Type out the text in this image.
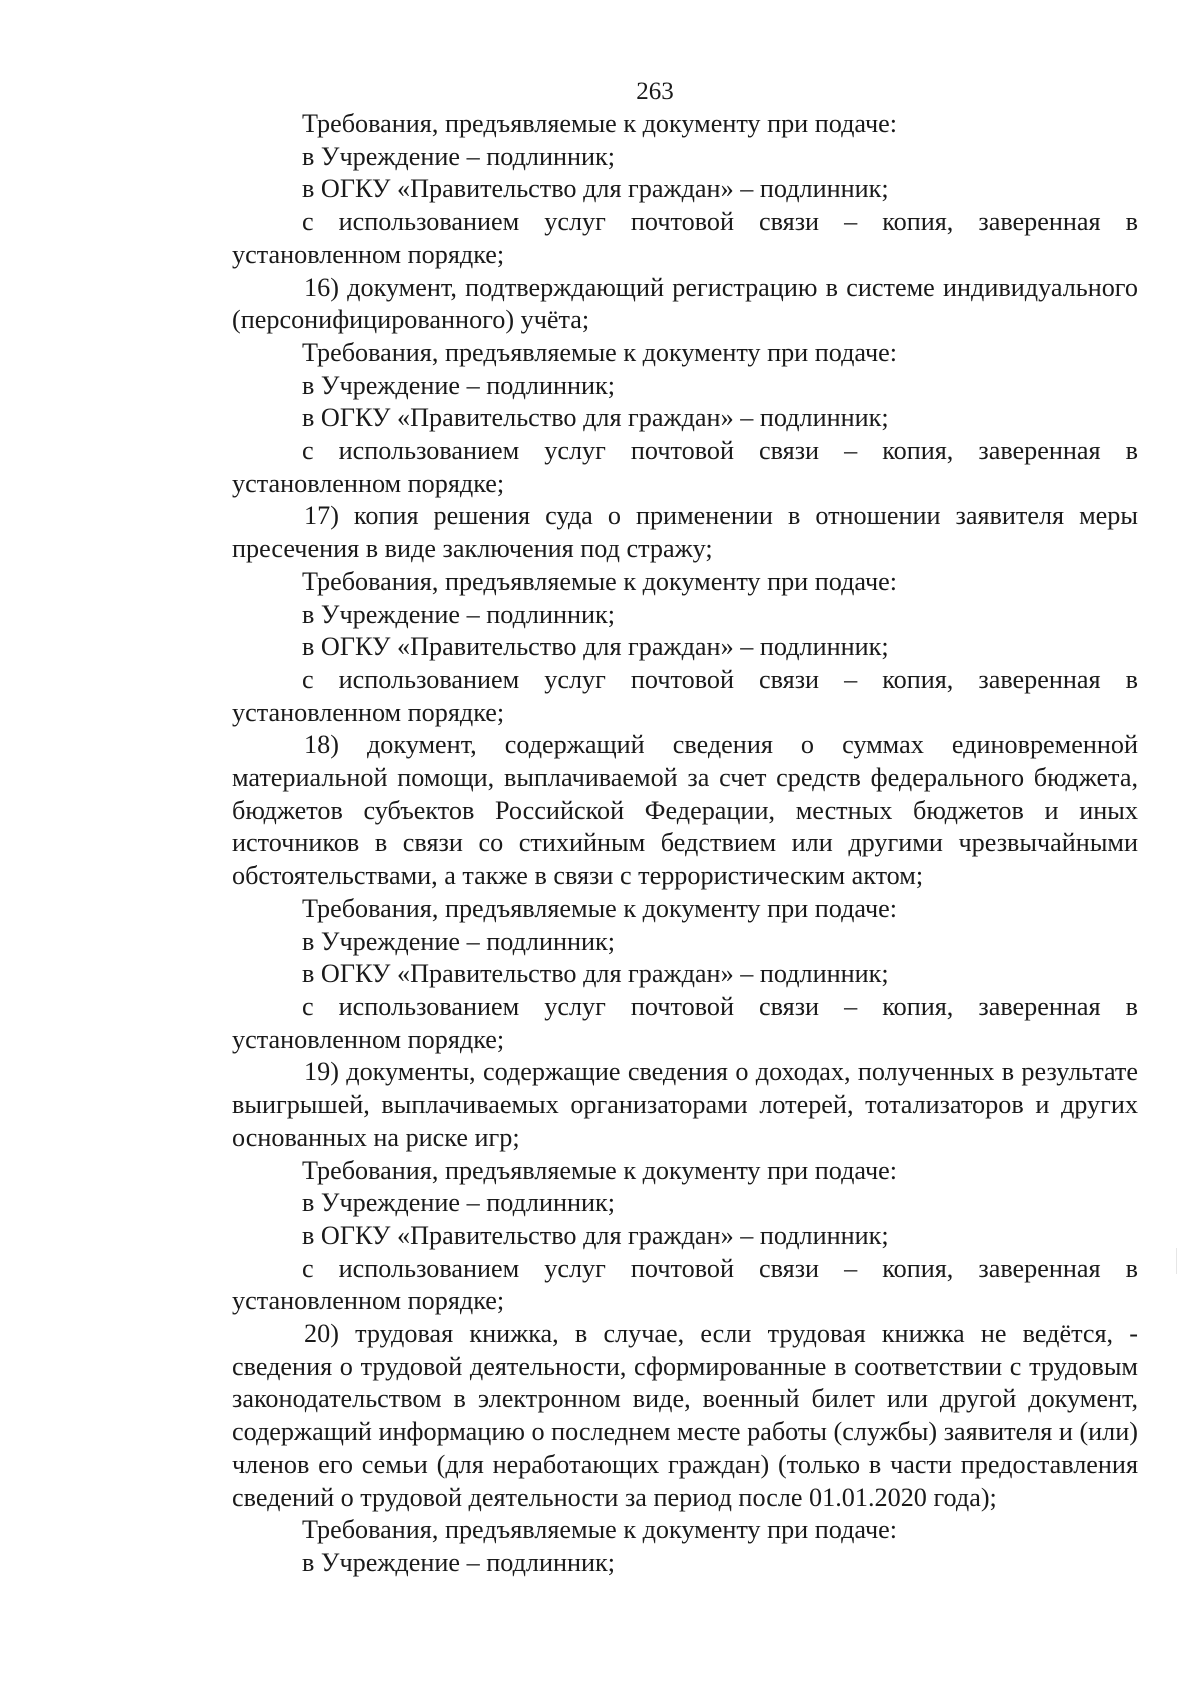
263

Требования, предъявляемые к документу при подаче:

в Учреждение – подлинник;

в ОГКУ «Правительство для граждан» – подлинник;

с использованием услуг почтовой связи – копия, заверенная в установленном порядке;

16) документ, подтверждающий регистрацию в системе индивидуального (персонифицированного) учёта;

Требования, предъявляемые к документу при подаче:

в Учреждение – подлинник;

в ОГКУ «Правительство для граждан» – подлинник;

с использованием услуг почтовой связи – копия, заверенная в установленном порядке;

17) копия решения суда о применении в отношении заявителя меры пресечения в виде заключения под стражу;

Требования, предъявляемые к документу при подаче:

в Учреждение – подлинник;

в ОГКУ «Правительство для граждан» – подлинник;

с использованием услуг почтовой связи – копия, заверенная в установленном порядке;

18) документ, содержащий сведения о суммах единовременной материальной помощи, выплачиваемой за счет средств федерального бюджета, бюджетов субъектов Российской Федерации, местных бюджетов и иных источников в связи со стихийным бедствием или другими чрезвычайными обстоятельствами, а также в связи с террористическим актом;

Требования, предъявляемые к документу при подаче:

в Учреждение – подлинник;

в ОГКУ «Правительство для граждан» – подлинник;

с использованием услуг почтовой связи – копия, заверенная в установленном порядке;

19) документы, содержащие сведения о доходах, полученных в результате выигрышей, выплачиваемых организаторами лотерей, тотализаторов и других основанных на риске игр;

Требования, предъявляемые к документу при подаче:

в Учреждение – подлинник;

в ОГКУ «Правительство для граждан» – подлинник;

с использованием услуг почтовой связи – копия, заверенная в установленном порядке;

20) трудовая книжка, в случае, если трудовая книжка не ведётся, - сведения о трудовой деятельности, сформированные в соответствии с трудовым законодательством в электронном виде, военный билет или другой документ, содержащий информацию о последнем месте работы (службы) заявителя и (или) членов его семьи (для неработающих граждан) (только в части предоставления сведений о трудовой деятельности за период после 01.01.2020 года);

Требования, предъявляемые к документу при подаче:

в Учреждение – подлинник;
